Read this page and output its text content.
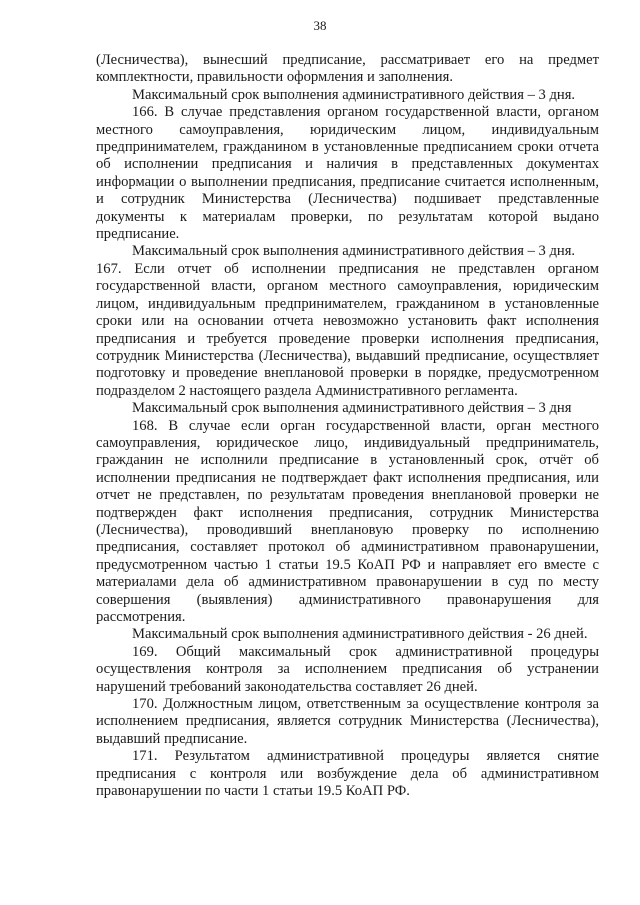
38

(Лесничества), вынесший предписание, рассматривает его на предмет комплектности, правильности оформления и заполнения.

Максимальный срок выполнения административного действия – 3 дня.

166. В случае представления органом государственной власти, органом местного самоуправления, юридическим лицом, индивидуальным предпринимателем, гражданином в установленные предписанием сроки отчета об исполнении предписания и наличия в представленных документах информации о выполнении предписания, предписание считается исполненным, и сотрудник Министерства (Лесничества) подшивает представленные документы к материалам проверки, по результатам которой выдано предписание.

Максимальный срок выполнения административного действия – 3 дня.

167. Если отчет об исполнении предписания не представлен органом государственной власти, органом местного самоуправления, юридическим лицом, индивидуальным предпринимателем, гражданином в установленные сроки или на основании отчета невозможно установить факт исполнения предписания и требуется проведение проверки исполнения предписания, сотрудник Министерства (Лесничества), выдавший предписание, осуществляет подготовку и проведение внеплановой проверки в порядке, предусмотренном подразделом 2 настоящего раздела Административного регламента.

Максимальный срок выполнения административного действия – 3 дня

168. В случае если орган государственной власти, орган местного самоуправления, юридическое лицо, индивидуальный предприниматель, гражданин не исполнили предписание в установленный срок, отчёт об исполнении предписания не подтверждает факт исполнения предписания, или отчет не представлен, по результатам проведения внеплановой проверки не подтвержден факт исполнения предписания, сотрудник Министерства (Лесничества), проводивший внеплановую проверку по исполнению предписания, составляет протокол об административном правонарушении, предусмотренном частью 1 статьи 19.5 КоАП РФ и направляет его вместе с материалами дела об административном правонарушении в суд по месту совершения (выявления) административного правонарушения для рассмотрения.

Максимальный срок выполнения административного действия - 26 дней.

169. Общий максимальный срок административной процедуры осуществления контроля за исполнением предписания об устранении нарушений требований законодательства составляет 26 дней.

170. Должностным лицом, ответственным за осуществление контроля за исполнением предписания, является сотрудник Министерства (Лесничества), выдавший предписание.

171. Результатом административной процедуры является снятие предписания с контроля или возбуждение дела об административном правонарушении по части 1 статьи 19.5 КоАП РФ.
